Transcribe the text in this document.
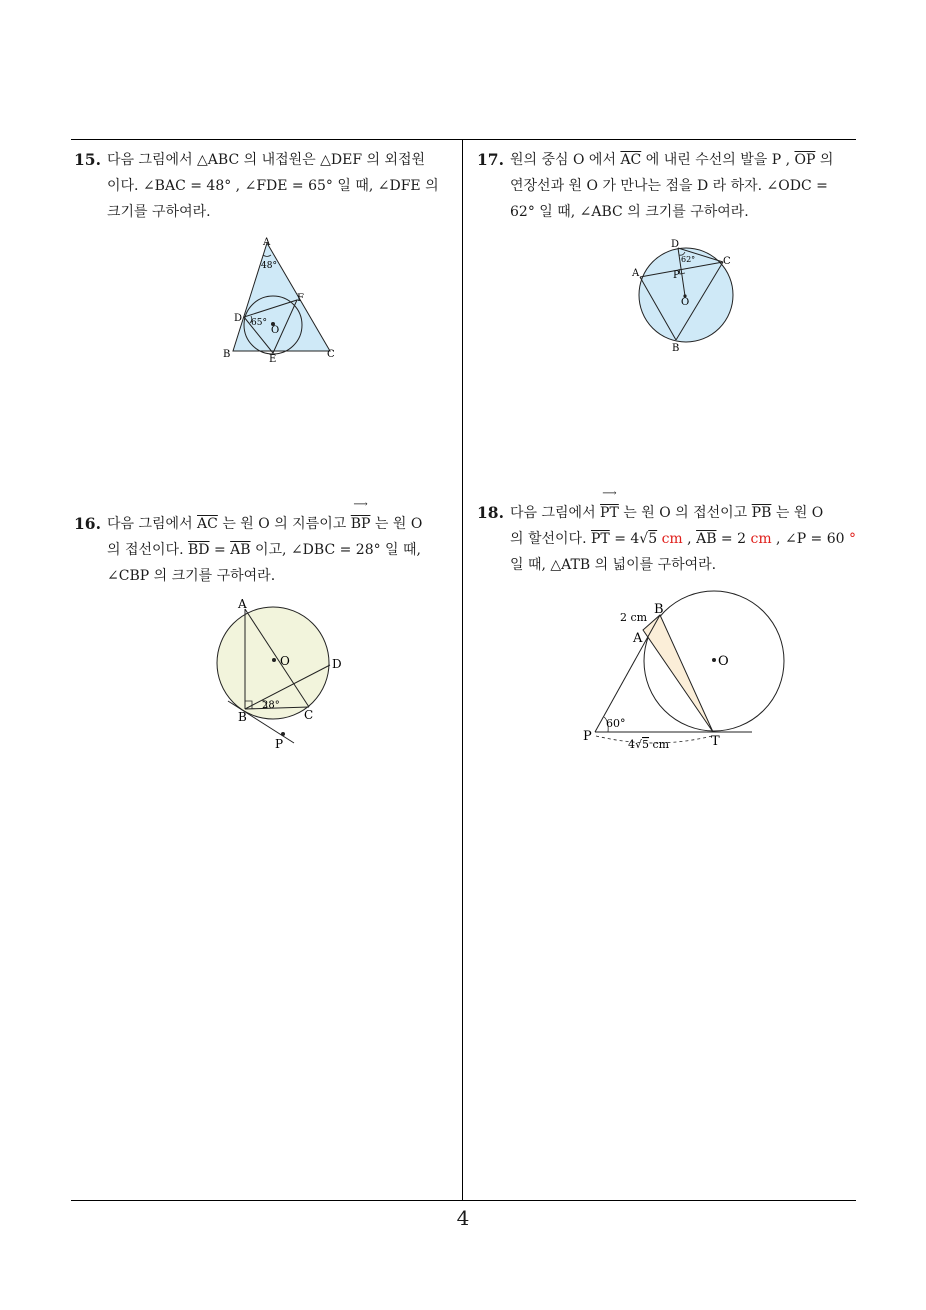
15. 다음 그림에서 △ABC 의 내접원은 △DEF 의 외접원
이다. ∠BAC = 48° , ∠FDE = 65° 일 때, ∠DFE 의
크기를 구하여라.
A
B	C
D
E
F
O
48°
65°
16. 다음 그림에서 $\overline{AC}$ 는 원 O 의 지름이고
⟶
$\overline{BP}$ 는 원 O
의 접선이다. $\overline{BD} = \overline{AB}$ 이고, ∠DBC = 28° 일 때,
∠CBP 의 크기를 구하여라.
A
B	C
D
O
P
28°
17. 원의 중심 O 에서 $\overline{AC}$ 에 내린 수선의 발을 P , $\overline{OP}$ 의
연장선과 원 O 가 만나는 점을 D 라 하자. ∠ODC =
62° 일 때, ∠ABC 의 크기를 구하여라.
A
B
C
D
O
P
62°
18. 다음 그림에서
⟶
$\overline{PT}$ 는 원 O 의 접선이고 $\overline{PB}$ 는 원 O
의 할선이다. $\overline{PT} = 4√5$ cm , $\overline{AB} = 2$ cm , ∠P = 60 °
일 때, △ATB 의 넓이를 구하여라.
A
B
O
P	T
2 cm
60°
4√5 cm
4
